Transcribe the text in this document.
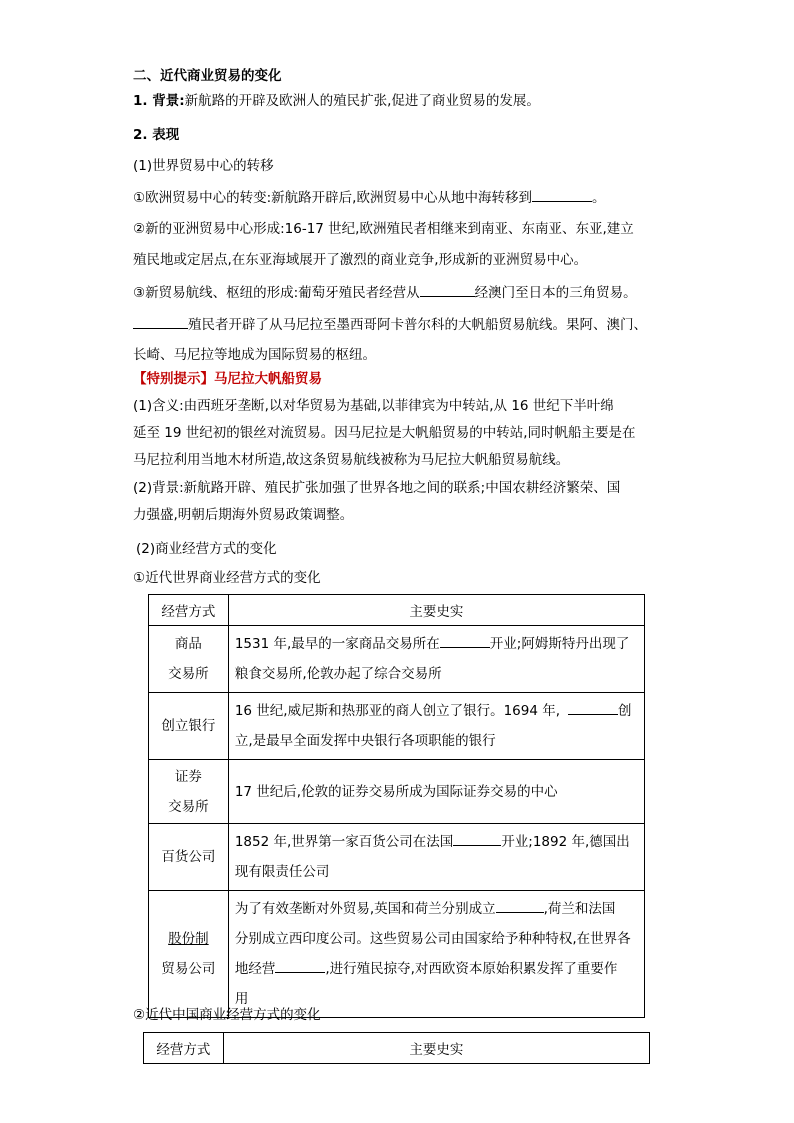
二、近代商业贸易的变化
1. 背景:新航路的开辟及欧洲人的殖民扩张,促进了商业贸易的发展。
2. 表现
(1)世界贸易中心的转移
①欧洲贸易中心的转变:新航路开辟后,欧洲贸易中心从地中海转移到	。
②新的亚洲贸易中心形成:16-17 世纪,欧洲殖民者相继来到南亚、东南亚、东亚,建立
殖民地或定居点,在东亚海域展开了激烈的商业竞争,形成新的亚洲贸易中心。
③新贸易航线、枢纽的形成:葡萄牙殖民者经营从	经澳门至日本的三角贸易。
殖民者开辟了从马尼拉至墨西哥阿卡普尔科的大帆船贸易航线。果阿、澳门、
长崎、马尼拉等地成为国际贸易的枢纽。
【特别提示】马尼拉大帆船贸易
(1)含义:由西班牙垄断,以对华贸易为基础,以菲律宾为中转站,从 16 世纪下半叶绵
延至 19 世纪初的银丝对流贸易。因马尼拉是大帆船贸易的中转站,同时帆船主要是在
马尼拉利用当地木材所造,故这条贸易航线被称为马尼拉大帆船贸易航线。
(2)背景:新航路开辟、殖民扩张加强了世界各地之间的联系;中国农耕经济繁荣、国
力强盛,明朝后期海外贸易政策调整。
(2)商业经营方式的变化
①近代世界商业经营方式的变化
经营方式	主要史实
商品
交易所	1531 年,最早的一家商品交易所在 开业;阿姆斯特丹出现了
粮食交易所,伦敦办起了综合交易所
创立银行	16 世纪,威尼斯和热那亚的商人创立了银行。1694 年, 创
立,是最早全面发挥中央银行各项职能的银行
证券
交易所	17 世纪后,伦敦的证券交易所成为国际证券交易的中心
百货公司	1852 年,世界第一家百货公司在法国 开业;1892 年,德国出
现有限责任公司
股份制
贸易公司	为了有效垄断对外贸易,英国和荷兰分别成立 ,荷兰和法国
分别成立西印度公司。这些贸易公司由国家给予种种特权,在世界各
地经营 ,进行殖民掠夺,对西欧资本原始积累发挥了重要作
用
②近代中国商业经营方式的变化
经营方式	主要史实
